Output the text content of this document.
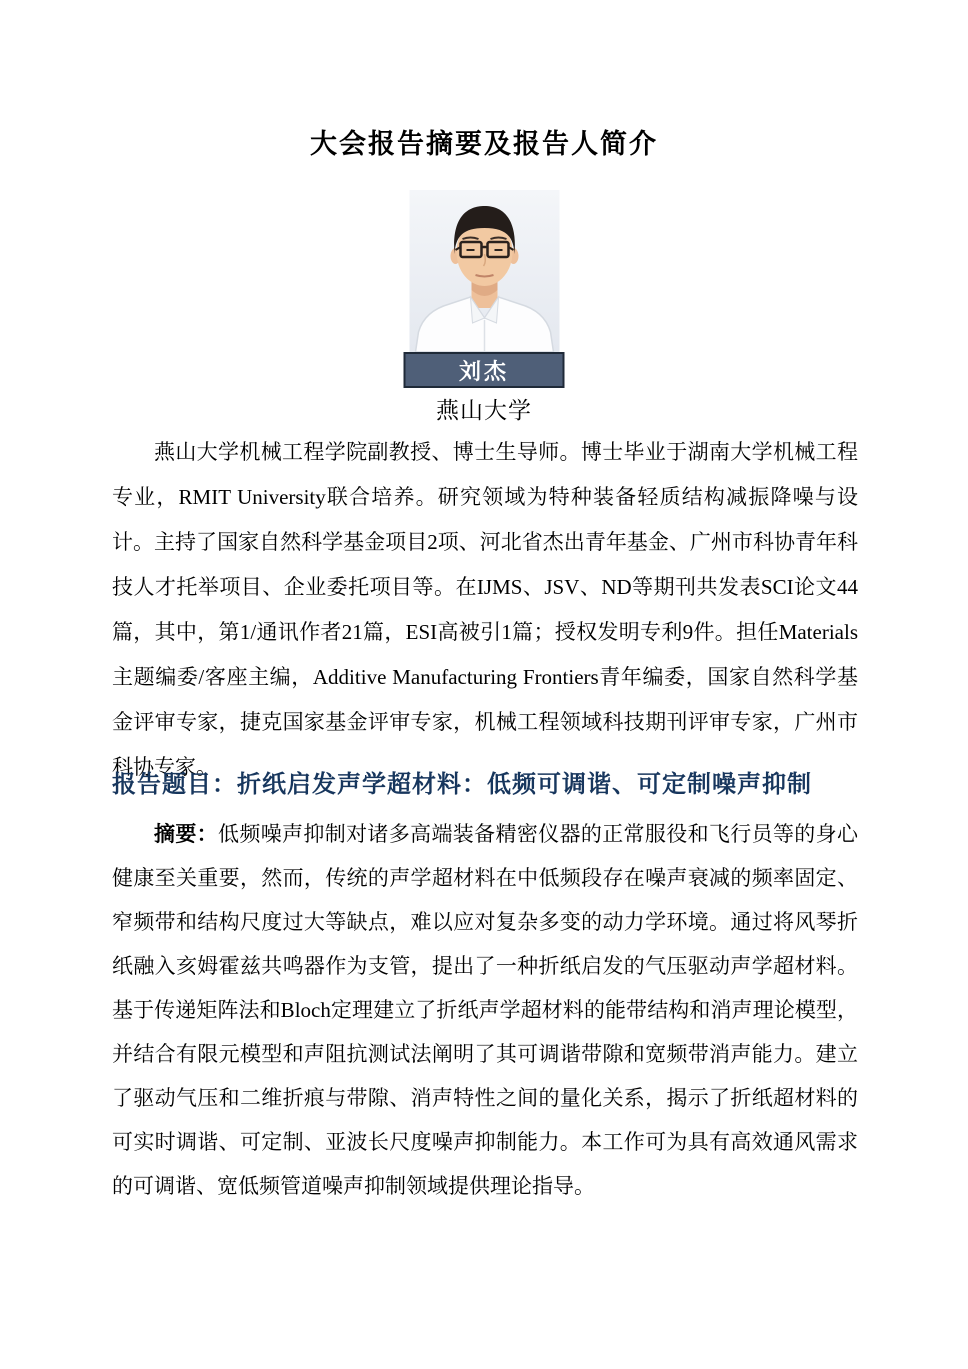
大会报告摘要及报告人简介
刘杰
燕山大学

燕山大学机械工程学院副教授、博士生导师。博士毕业于湖南大学机械工程专业，RMIT University联合培养。研究领域为特种装备轻质结构减振降噪与设计。主持了国家自然科学基金项目2项、河北省杰出青年基金、广州市科协青年科技人才托举项目、企业委托项目等。在IJMS、JSV、ND等期刊共发表SCI论文44篇，其中，第1/通讯作者21篇，ESI高被引1篇；授权发明专利9件。担任Materials主题编委/客座主编，Additive Manufacturing Frontiers青年编委，国家自然科学基金评审专家，捷克国家基金评审专家，机械工程领域科技期刊评审专家，广州市科协专家。

报告题目：折纸启发声学超材料：低频可调谐、可定制噪声抑制

摘要：低频噪声抑制对诸多高端装备精密仪器的正常服役和飞行员等的身心健康至关重要，然而，传统的声学超材料在中低频段存在噪声衰减的频率固定、窄频带和结构尺度过大等缺点，难以应对复杂多变的动力学环境。通过将风琴折纸融入亥姆霍兹共鸣器作为支管，提出了一种折纸启发的气压驱动声学超材料。基于传递矩阵法和Bloch定理建立了折纸声学超材料的能带结构和消声理论模型，并结合有限元模型和声阻抗测试法阐明了其可调谐带隙和宽频带消声能力。建立了驱动气压和二维折痕与带隙、消声特性之间的量化关系，揭示了折纸超材料的可实时调谐、可定制、亚波长尺度噪声抑制能力。本工作可为具有高效通风需求的可调谐、宽低频管道噪声抑制领域提供理论指导。
